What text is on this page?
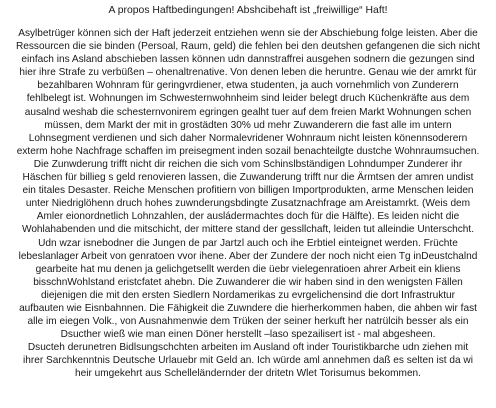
A propos Haftbedingungen! Abshcibehaft ist „freiwillige“ Haft!
Asylbetrüger können sich der Haft jederzeit entziehen wenn sie der Abschiebung folge leisten. Aber die
Ressourcen die sie binden (Persoal, Raum, geld) die fehlen bei den deutshen gefangenen die sich nicht
einfach ins Asland abschieben lassen können udn dannstraffrei ausgehen sodnern die gezungen sind
hier ihre Strafe zu verbüßen – ohenaltrenative. Von denen leben die heruntre. Genau wie der amrkt für
bezahlbaren Wohnram für geringvrdiener, etwa studenten, ja auch vornehmlich von Zunderern
fehlbelegt ist. Wohnungen im Schwesternwohnheim sind leider belegt druch Küchenkräfte aus dem
ausalnd weshab die schesternvonirem egringen gealht tuer auf dem freien Markt Wohnungen schen
müssen, dem Markt der mit in grostädten 30% ud mehr Zuwanderern die fast alle im untern
Lohnsegment verdienen und sich daher Normalevridener Wohnraum nicht leisten könennsoderern
exterm hohe Nachfrage schaffen im preisegment inden sozail benachteilgte dustche Wohnraumsuchen.
Die Zunwderung trifft nicht dir reichen die sich vom Schinslbständigen Lohndumper Zunderer ihr
Häschen für billieg s geld renovieren lassen, die Zuwanderung trifft nur die Ärmtsen der amren undist
ein titales Desaster. Reiche Menschen profitiern von billigen Importprodukten, arme Menschen leiden
unter Niedriglöhenn druch hohes zuwnderungsbdingte Zusatznachfrage am Areistamrkt. (Weis dem
Amler eionordnetlich Lohnzahlen, der ausládermachtes doch für die Hälfte). Es leiden nicht die
Wohlahabenden und die mitschicht, der mittere stand der gessllchaft, leiden tut alleindie Unterschcht.
Udn wzar isnebodner die Jungen de par Jartzl auch och ihe Erbtiel einteignet werden. Früchte
lebeslanlager Arbeit von genratoen vvor ihene. Aber der Zundere der noch nicht eien Tg inDeustchalnd
gearbeite hat mu denen ja gelichgetsellt werden die üebr vielegenratioen ahrer Arbeit ein kliens
bisschnWohlstand eristcfatet ahebn. Die Zuwanderer die wir haben sind in den wenigsten Fällen
diejenigen die mit den ersten Siedlern Nordamerikas zu evrgelichensind die dort Infrastruktur
aufbauten wie Eisnbahnnen. Die Fähigkeit die Zuwndere die hierherkommen haben, die ahben wir fast
alle im eiegen Volk., von Ausnahmenwie dem Trüken der seiner herkuft her natrülcih besser als ein
Dsucther wieß wie man einen Döner herstellt –laso spezailisert ist - mal abgesheen.
Dsucteh derunetren Bidlsungschchten arbeiten im Ausland oft inder Touristikbarche udn ziehen mit
ihrer Sarchkenntnis Deutsche Urlauebr mit Geld an. Ich würde aml annehmen daß es selten ist da wi
heir umgekehrt aus Schelleländernder der dritetn Wlet Torisumus bekommen.
